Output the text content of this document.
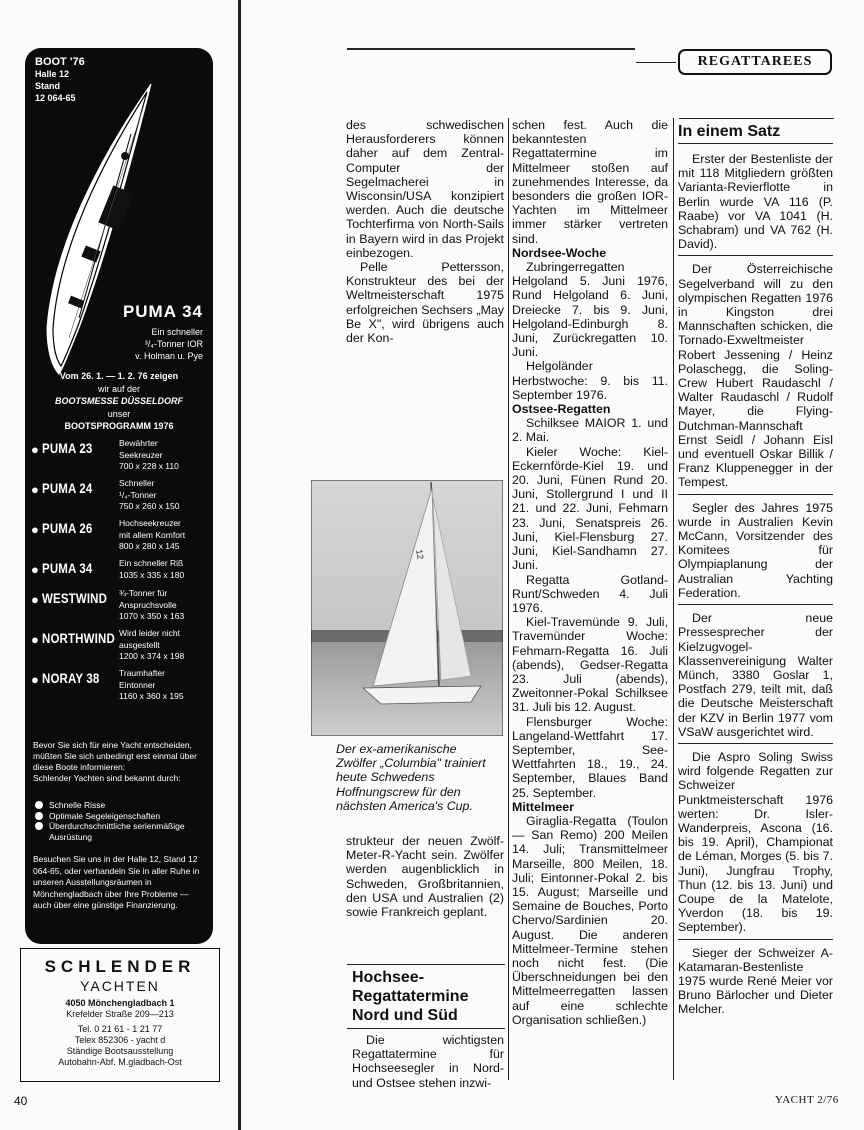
BOOT '76
Halle 12
Stand
12 064-65
PUMA 34
Ein schneller
³/₄-Tonner IOR
v. Holman u. Pye
Vom 26. 1. — 1. 2. 76 zeigen
wir auf der
BOOTSMESSE DÜSSELDORF
unser
BOOTSPROGRAMM 1976
● PUMA 23	Bewährter
Seekreuzer
700 x 228 x 110
● PUMA 24	Schneller
¹/₄-Tonner
750 x 260 x 150
● PUMA 26	Hochseekreuzer
mit allem Komfort
800 x 280 x 145
● PUMA 34	Ein schneller Riß
1035 x 335 x 180
● WESTWIND ¾-Tonner für
Anspruchsvolle
1070 x 350 x 163
● NORTHWIND Wird leider nicht
ausgestellt
1200 x 374 x 198
● NORAY 38 Traumhafter
Eintonner
1160 x 360 x 195
Bevor Sie sich für eine Yacht entscheiden, müßten Sie sich unbedingt erst einmal über diese Boote informieren:
Schlender Yachten sind bekannt durch:
Schnelle Risse
Optimale Segeleigenschaften
Überdurchschnittliche serienmäßige Ausrüstung
Besuchen Sie uns in der Halle 12, Stand 12 064-65, oder verhandeln Sie in aller Ruhe in unseren Ausstellungsräumen in Mönchengladbach über Ihre Probleme — auch über eine günstige Finanzierung.
SCHLENDER
YACHTEN
4050 Mönchengladbach 1
Krefelder Straße 209—213
Tel. 0 21 61 - 1 21 77
Telex 852306 - yacht d
Ständige Bootsausstellung
Autobahn-Abf. M.gladbach-Ost
REGATTAREES

des schwedischen Herausforderers können daher auf dem Zentral-Computer der Segelmacherei in Wisconsin/USA konzipiert werden. Auch die deutsche Tochterfirma von North-Sails in Bayern wird in das Projekt einbezogen.

Pelle Pettersson, Konstrukteur des bei der Weltmeisterschaft 1975 erfolgreichen Sechsers „May Be X", wird übrigens auch der Kon-

12
Der ex-amerikanische Zwölfer „Columbia" trainiert heute Schwedens Hoffnungscrew für den nächsten America's Cup.

strukteur der neuen Zwölf-Meter-R-Yacht sein. Zwölfer werden augenblicklich in Schweden, Großbritannien, den USA und Australien (2) sowie Frankreich geplant.

Hochsee-
Regattatermine
Nord und Süd

Die wichtigsten Regattatermine für Hochseesegler in Nord- und Ostsee stehen inzwi-

schen fest. Auch die bekanntesten Regattatermine im Mittelmeer stoßen auf zunehmendes Interesse, da besonders die großen IOR-Yachten im Mittelmeer immer stärker vertreten sind.

Nordsee-Woche

Zubringerregatten Helgoland 5. Juni 1976, Rund Helgoland 6. Juni, Dreiecke 7. bis 9. Juni, Helgoland-Edinburgh 8. Juni, Zurückregatten 10. Juni.

Helgoländer Herbstwoche: 9. bis 11. September 1976.

Ostsee-Regatten

Schilksee MAIOR 1. und 2. Mai.

Kieler Woche: Kiel-Eckernförde-Kiel 19. und 20. Juni, Fünen Rund 20. Juni, Stollergrund I und II 21. und 22. Juni, Fehmarn 23. Juni, Senatspreis 26. Juni, Kiel-Flensburg 27. Juni, Kiel-Sandhamn 27. Juni.

Regatta Gotland-Runt/Schweden 4. Juli 1976.

Kiel-Travemünde 9. Juli, Travemünder Woche: Fehmarn-Regatta 16. Juli (abends), Gedser-Regatta 23. Juli (abends), Zweitonner-Pokal Schilksee 31. Juli bis 12. August.

Flensburger Woche: Langeland-Wettfahrt 17. September, See-Wettfahrten 18., 19., 24. September, Blaues Band 25. September.

Mittelmeer

Giraglia-Regatta (Toulon — San Remo) 200 Meilen 14. Juli; Transmittelmeer Marseille, 800 Meilen, 18. Juli; Eintonner-Pokal 2. bis 15. August; Marseille und Semaine de Bouches, Porto Chervo/Sardinien 20. August. Die anderen Mittelmeer-Termine stehen noch nicht fest. (Die Überschneidungen bei den Mittelmeerregatten lassen auf eine schlechte Organisation schließen.)

In einem Satz

Erster der Bestenliste der mit 118 Mitgliedern größten Varianta-Revierflotte in Berlin wurde VA 116 (P. Raabe) vor VA 1041 (H. Schabram) und VA 762 (H. David).

Der Österreichische Segelverband will zu den olympischen Regatten 1976 in Kingston drei Mannschaften schicken, die Tornado-Exweltmeister Robert Jessening / Heinz Polaschegg, die Soling-Crew Hubert Raudaschl / Walter Raudaschl / Rudolf Mayer, die Flying-Dutchman-Mannschaft Ernst Seidl / Johann Eisl und eventuell Oskar Billik / Franz Kluppenegger in der Tempest.

Segler des Jahres 1975 wurde in Australien Kevin McCann, Vorsitzender des Komitees für Olympiaplanung der Australian Yachting Federation.

Der neue Pressesprecher der Kielzugvogel-Klassenvereinigung Walter Münch, 3380 Goslar 1, Postfach 279, teilt mit, daß die Deutsche Meisterschaft der KZV in Berlin 1977 vom VSaW ausgerichtet wird.

Die Aspro Soling Swiss wird folgende Regatten zur Schweizer Punktmeisterschaft 1976 werten: Dr. Isler-Wanderpreis, Ascona (16. bis 19. April), Championat de Léman, Morges (5. bis 7. Juni), Jungfrau Trophy, Thun (12. bis 13. Juni) und Coupe de la Matelote, Yverdon (18. bis 19. September).

Sieger der Schweizer A-Katamaran-Bestenliste 1975 wurde René Meier vor Bruno Bärlocher und Dieter Melcher.

40	YACHT 2/76
